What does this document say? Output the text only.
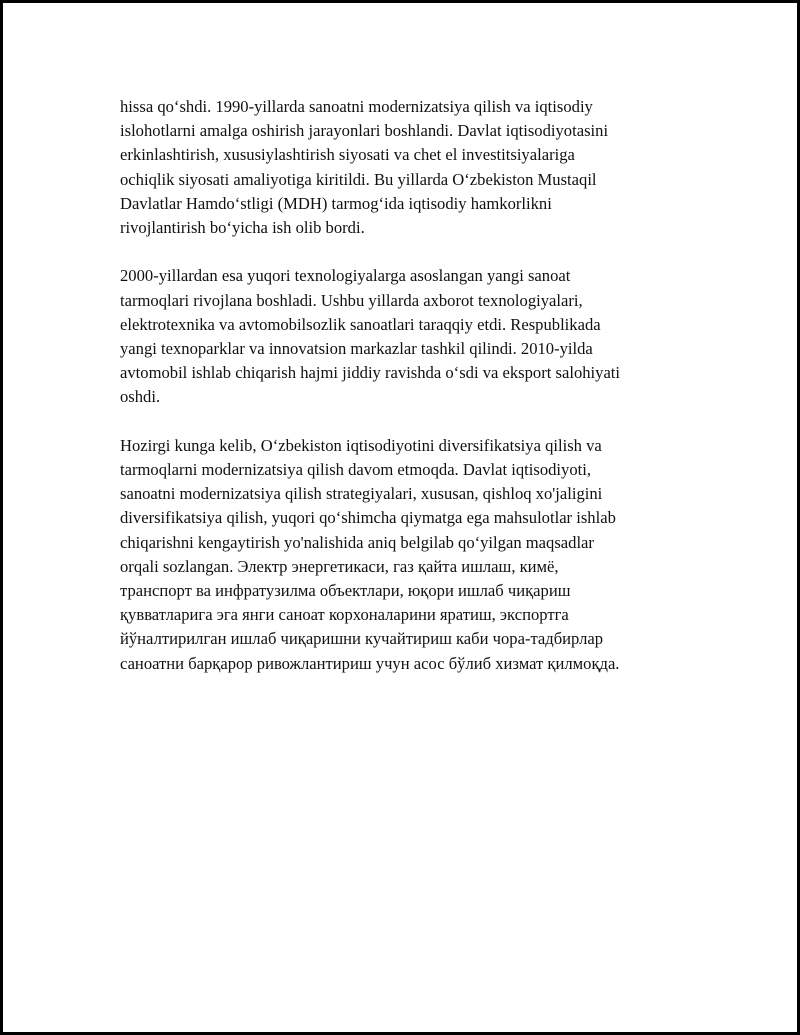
hissa qo‘shdi. 1990-yillarda sanoatni modernizatsiya qilish va iqtisodiy
islohotlarni amalga oshirish jarayonlari boshlandi. Davlat iqtisodiyotasini
erkinlashtirish, xususiylashtirish siyosati va chet el investitsiyalariga
ochiqlik siyosati amaliyotiga kiritildi. Bu yillarda O‘zbekiston Mustaqil
Davlatlar Hamdo‘stligi (MDH) tarmog‘ida iqtisodiy hamkorlikni
rivojlantirish bo‘yicha ish olib bordi.

2000-yillardan esa yuqori texnologiyalarga asoslangan yangi sanoat
tarmoqlari rivojlana boshladi. Ushbu yillarda axborot texnologiyalari,
elektrotexnika va avtomobilsozlik sanoatlari taraqqiy etdi. Respublikada
yangi texnoparklar va innovatsion markazlar tashkil qilindi. 2010-yilda
avtomobil ishlab chiqarish hajmi jiddiy ravishda o‘sdi va eksport salohiyati
oshdi.

Hozirgi kunga kelib, O‘zbekiston iqtisodiyotini diversifikatsiya qilish va
tarmoqlarni modernizatsiya qilish davom etmoqda. Davlat iqtisodiyoti,
sanoatni modernizatsiya qilish strategiyalari, xususan, qishloq xo'jaligini
diversifikatsiya qilish, yuqori qo‘shimcha qiymatga ega mahsulotlar ishlab
chiqarishni kengaytirish yo'nalishida aniq belgilab qo‘yilgan maqsadlar
orqali sozlangan. Электр энергетикаси, газ қайта ишлаш, кимё,
транспорт ва инфратузилма объектлари, юқори ишлаб чиқариш
қувватларига эга янги саноат корхоналарини яратиш, экспортга
йўналтирилган ишлаб чиқаришни кучайтириш каби чора-тадбирлар
саноатни барқарор ривожлантириш учун асос бўлиб хизмат қилмоқда.
